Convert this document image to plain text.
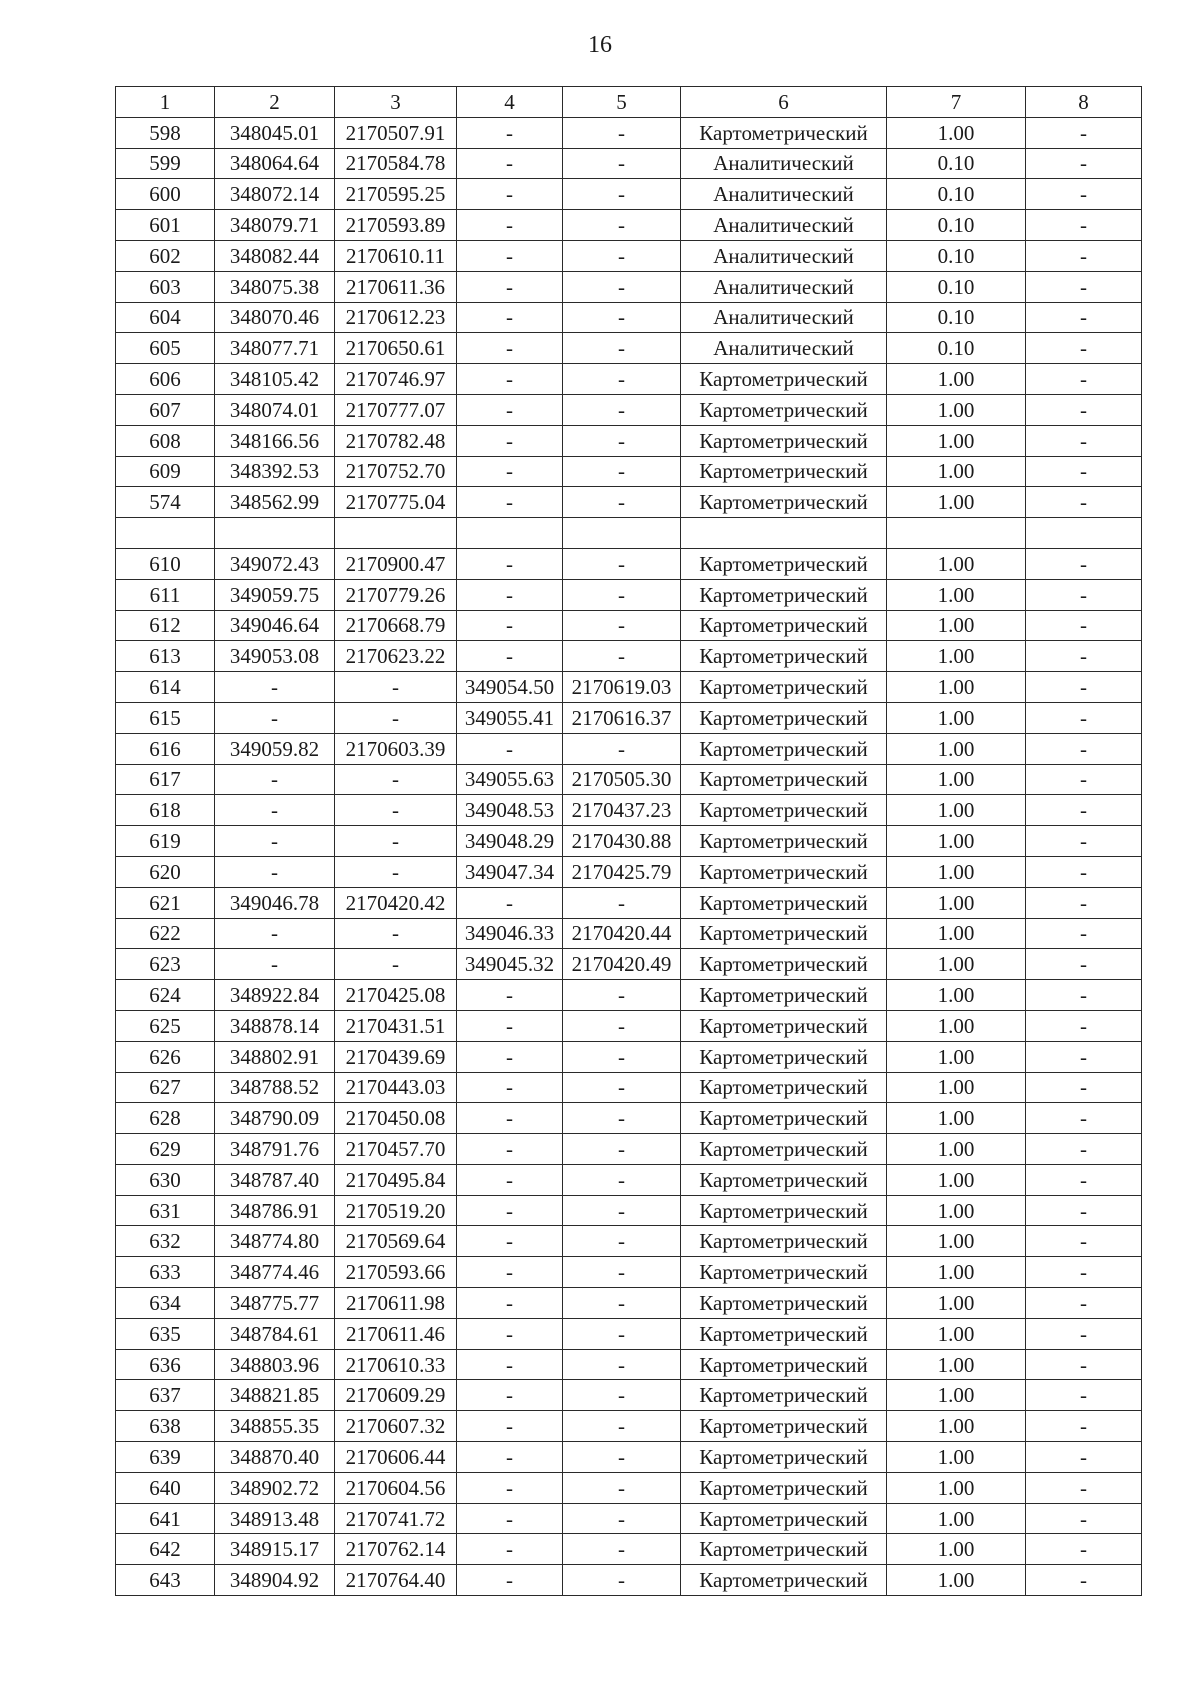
16
1	2	3	4	5	6	7	8
598	348045.01	2170507.91	-	-	Картометрический	1.00	-
599	348064.64	2170584.78	-	-	Аналитический	0.10	-
600	348072.14	2170595.25	-	-	Аналитический	0.10	-
601	348079.71	2170593.89	-	-	Аналитический	0.10	-
602	348082.44	2170610.11	-	-	Аналитический	0.10	-
603	348075.38	2170611.36	-	-	Аналитический	0.10	-
604	348070.46	2170612.23	-	-	Аналитический	0.10	-
605	348077.71	2170650.61	-	-	Аналитический	0.10	-
606	348105.42	2170746.97	-	-	Картометрический	1.00	-
607	348074.01	2170777.07	-	-	Картометрический	1.00	-
608	348166.56	2170782.48	-	-	Картометрический	1.00	-
609	348392.53	2170752.70	-	-	Картометрический	1.00	-
574	348562.99	2170775.04	-	-	Картометрический	1.00	-

610	349072.43	2170900.47	-	-	Картометрический	1.00	-
611	349059.75	2170779.26	-	-	Картометрический	1.00	-
612	349046.64	2170668.79	-	-	Картометрический	1.00	-
613	349053.08	2170623.22	-	-	Картометрический	1.00	-
614	-	-	349054.50	2170619.03	Картометрический	1.00	-
615	-	-	349055.41	2170616.37	Картометрический	1.00	-
616	349059.82	2170603.39	-	-	Картометрический	1.00	-
617	-	-	349055.63	2170505.30	Картометрический	1.00	-
618	-	-	349048.53	2170437.23	Картометрический	1.00	-
619	-	-	349048.29	2170430.88	Картометрический	1.00	-
620	-	-	349047.34	2170425.79	Картометрический	1.00	-
621	349046.78	2170420.42	-	-	Картометрический	1.00	-
622	-	-	349046.33	2170420.44	Картометрический	1.00	-
623	-	-	349045.32	2170420.49	Картометрический	1.00	-
624	348922.84	2170425.08	-	-	Картометрический	1.00	-
625	348878.14	2170431.51	-	-	Картометрический	1.00	-
626	348802.91	2170439.69	-	-	Картометрический	1.00	-
627	348788.52	2170443.03	-	-	Картометрический	1.00	-
628	348790.09	2170450.08	-	-	Картометрический	1.00	-
629	348791.76	2170457.70	-	-	Картометрический	1.00	-
630	348787.40	2170495.84	-	-	Картометрический	1.00	-
631	348786.91	2170519.20	-	-	Картометрический	1.00	-
632	348774.80	2170569.64	-	-	Картометрический	1.00	-
633	348774.46	2170593.66	-	-	Картометрический	1.00	-
634	348775.77	2170611.98	-	-	Картометрический	1.00	-
635	348784.61	2170611.46	-	-	Картометрический	1.00	-
636	348803.96	2170610.33	-	-	Картометрический	1.00	-
637	348821.85	2170609.29	-	-	Картометрический	1.00	-
638	348855.35	2170607.32	-	-	Картометрический	1.00	-
639	348870.40	2170606.44	-	-	Картометрический	1.00	-
640	348902.72	2170604.56	-	-	Картометрический	1.00	-
641	348913.48	2170741.72	-	-	Картометрический	1.00	-
642	348915.17	2170762.14	-	-	Картометрический	1.00	-
643	348904.92	2170764.40	-	-	Картометрический	1.00	-
